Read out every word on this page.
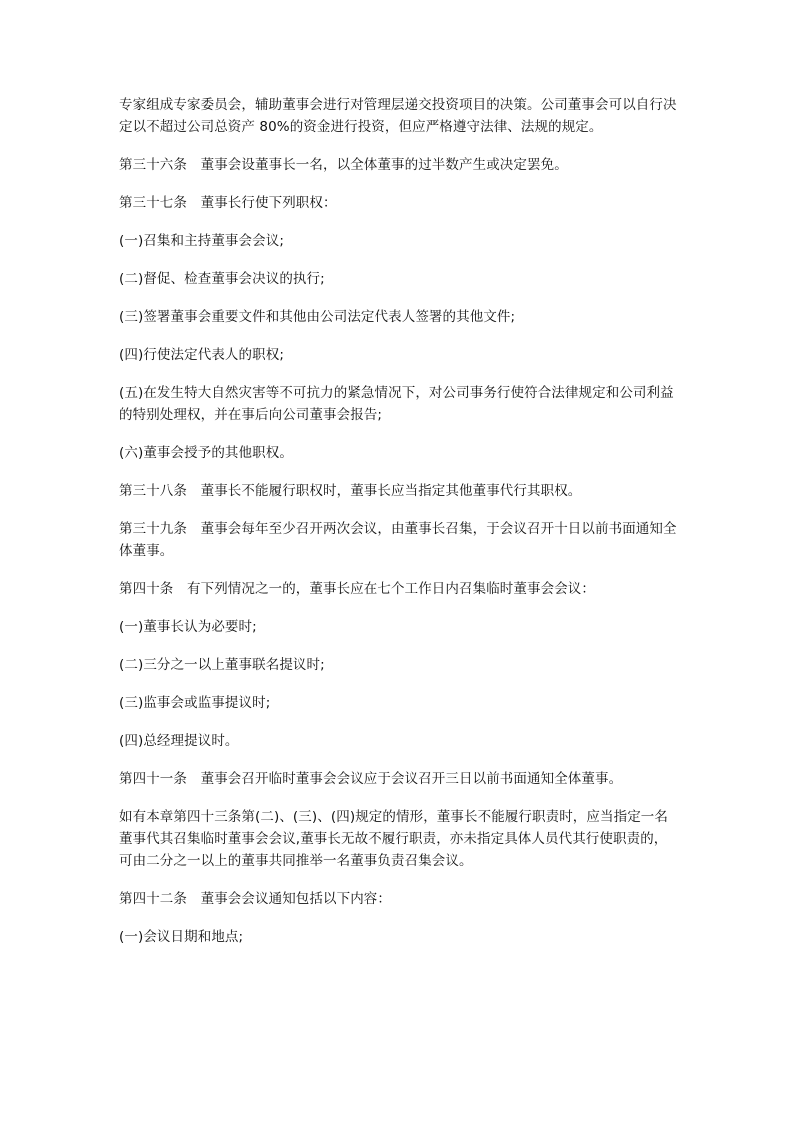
专家组成专家委员会，辅助董事会进行对管理层递交投资项目的决策。公司董事会可以自行决定以不超过公司总资产 80%的资金进行投资，但应严格遵守法律、法规的规定。

第三十六条　董事会设董事长一名，以全体董事的过半数产生或决定罢免。

第三十七条　董事长行使下列职权：

(一)召集和主持董事会会议;

(二)督促、检查董事会决议的执行;

(三)签署董事会重要文件和其他由公司法定代表人签署的其他文件;

(四)行使法定代表人的职权;

(五)在发生特大自然灾害等不可抗力的紧急情况下，对公司事务行使符合法律规定和公司利益的特别处理权，并在事后向公司董事会报告;

(六)董事会授予的其他职权。

第三十八条　董事长不能履行职权时，董事长应当指定其他董事代行其职权。

第三十九条　董事会每年至少召开两次会议，由董事长召集，于会议召开十日以前书面通知全体董事。

第四十条　有下列情况之一的，董事长应在七个工作日内召集临时董事会会议：

(一)董事长认为必要时;

(二)三分之一以上董事联名提议时;

(三)监事会或监事提议时;

(四)总经理提议时。

第四十一条　董事会召开临时董事会会议应于会议召开三日以前书面通知全体董事。

如有本章第四十三条第(二)、(三)、(四)规定的情形，董事长不能履行职责时，应当指定一名董事代其召集临时董事会会议,董事长无故不履行职责，亦未指定具体人员代其行使职责的，可由二分之一以上的董事共同推举一名董事负责召集会议。

第四十二条　董事会会议通知包括以下内容：

(一)会议日期和地点;
